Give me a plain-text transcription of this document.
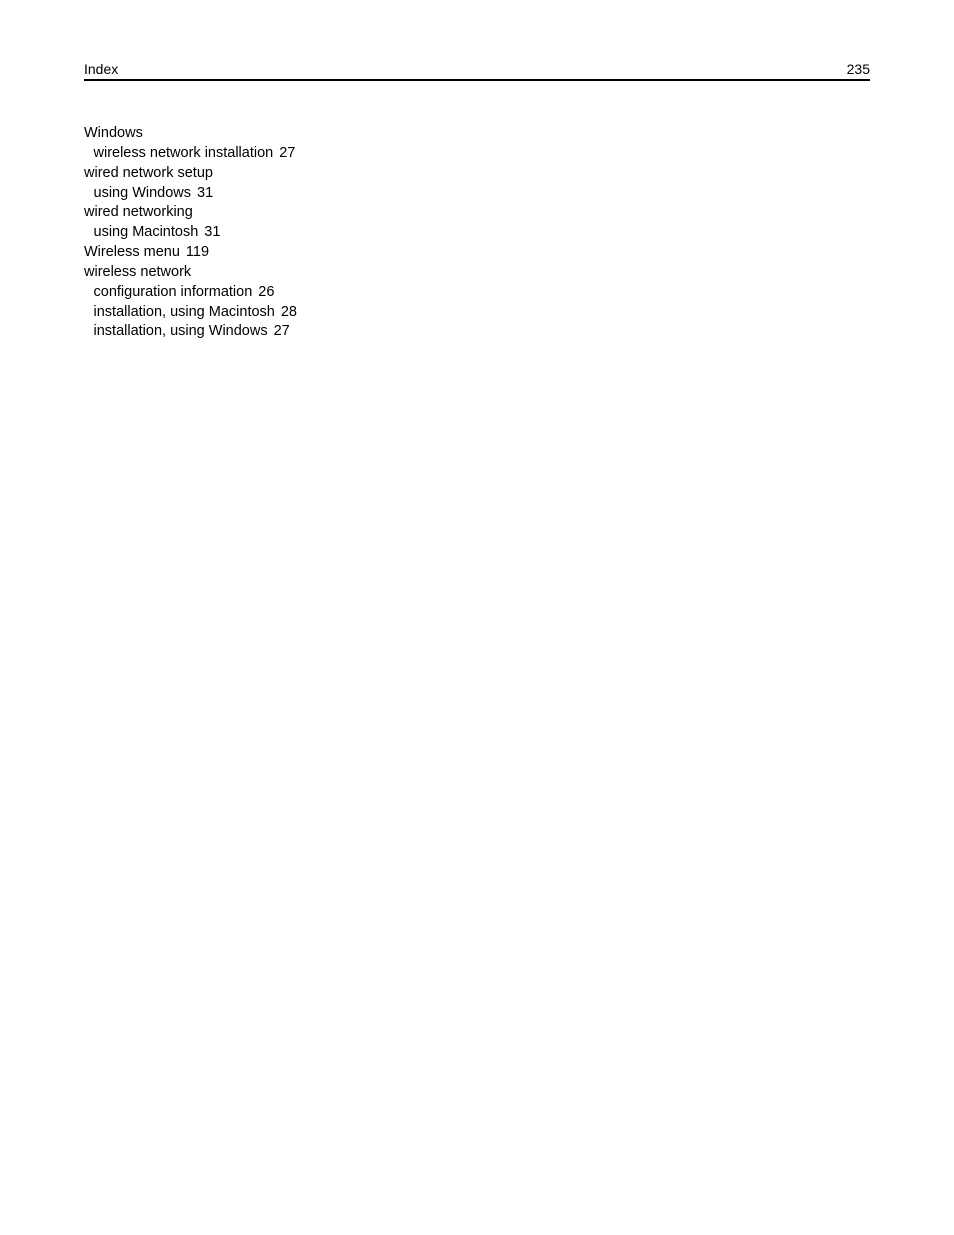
Index	235
Windows
wireless network installation 27
wired network setup
using Windows 31
wired networking
using Macintosh 31
Wireless menu 119
wireless network
configuration information 26
installation, using Macintosh 28
installation, using Windows 27
